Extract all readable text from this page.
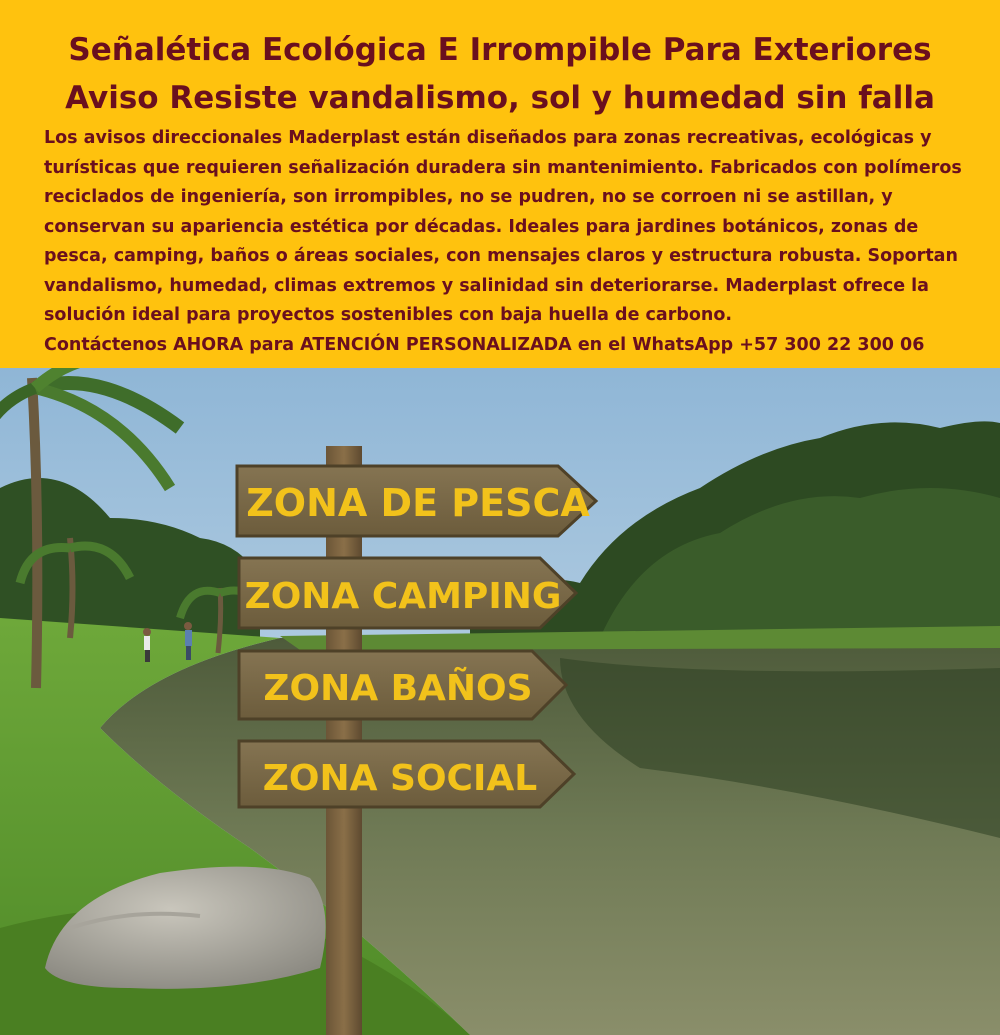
Señalética Ecológica E Irrompible Para Exteriores
Aviso Resiste vandalismo, sol y humedad sin falla
Los avisos direccionales Maderplast están diseñados para zonas recreativas, ecológicas y
turísticas que requieren señalización duradera sin mantenimiento. Fabricados con polímeros
reciclados de ingeniería, son irrompibles, no se pudren, no se corroen ni se astillan, y
conservan su apariencia estética por décadas. Ideales para jardines botánicos, zonas de
pesca, camping, baños o áreas sociales, con mensajes claros y estructura robusta. Soportan
vandalismo, humedad, climas extremos y salinidad sin deteriorarse. Maderplast ofrece la
solución ideal para proyectos sostenibles con baja huella de carbono.
Contáctenos AHORA para ATENCIÓN PERSONALIZADA en el WhatsApp +57 300 22 300 06
ZONA DE PESCA
ZONA CAMPING
ZONA BAÑOS
ZONA SOCIAL
